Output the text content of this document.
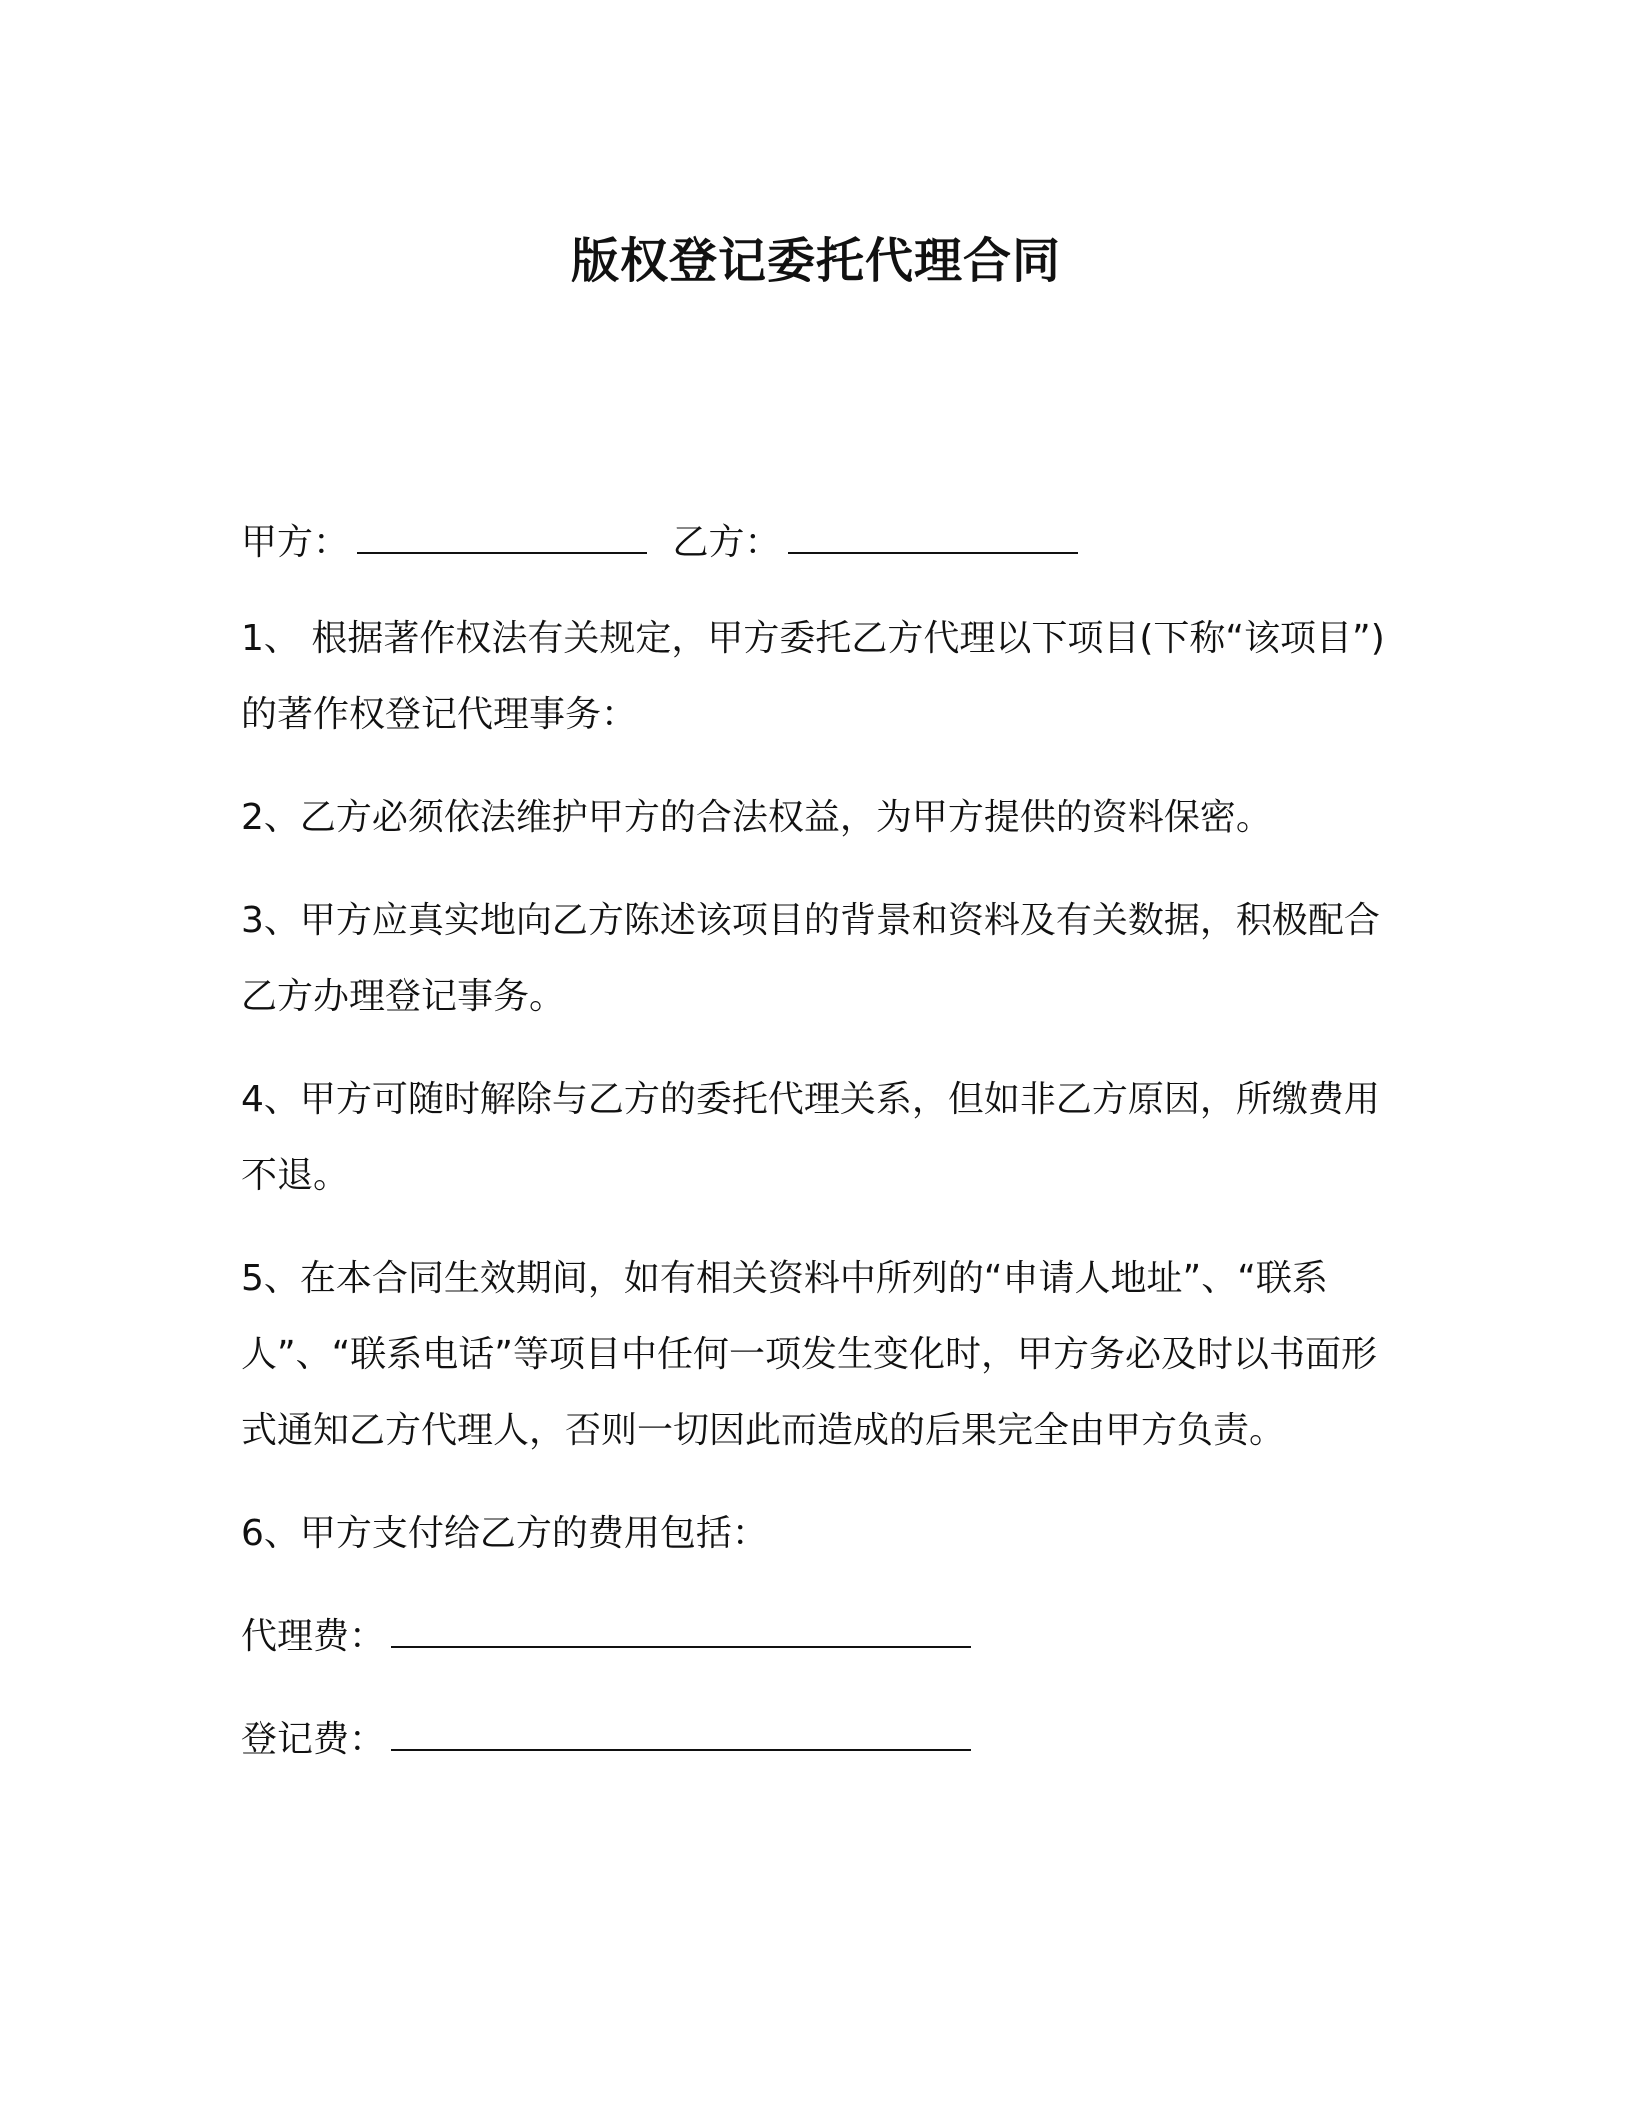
版权登记委托代理合同
甲方：	乙方：

1、 根据著作权法有关规定，甲方委托乙方代理以下项目(下称“该项目”)的著作权登记代理事务：

2、乙方必须依法维护甲方的合法权益，为甲方提供的资料保密。

3、甲方应真实地向乙方陈述该项目的背景和资料及有关数据，积极配合乙方办理登记事务。

4、甲方可随时解除与乙方的委托代理关系，但如非乙方原因，所缴费用不退。

5、在本合同生效期间，如有相关资料中所列的“申请人地址”、“联系人”、“联系电话”等项目中任何一项发生变化时，甲方务必及时以书面形式通知乙方代理人，否则一切因此而造成的后果完全由甲方负责。

6、甲方支付给乙方的费用包括：

代理费：
登记费：
